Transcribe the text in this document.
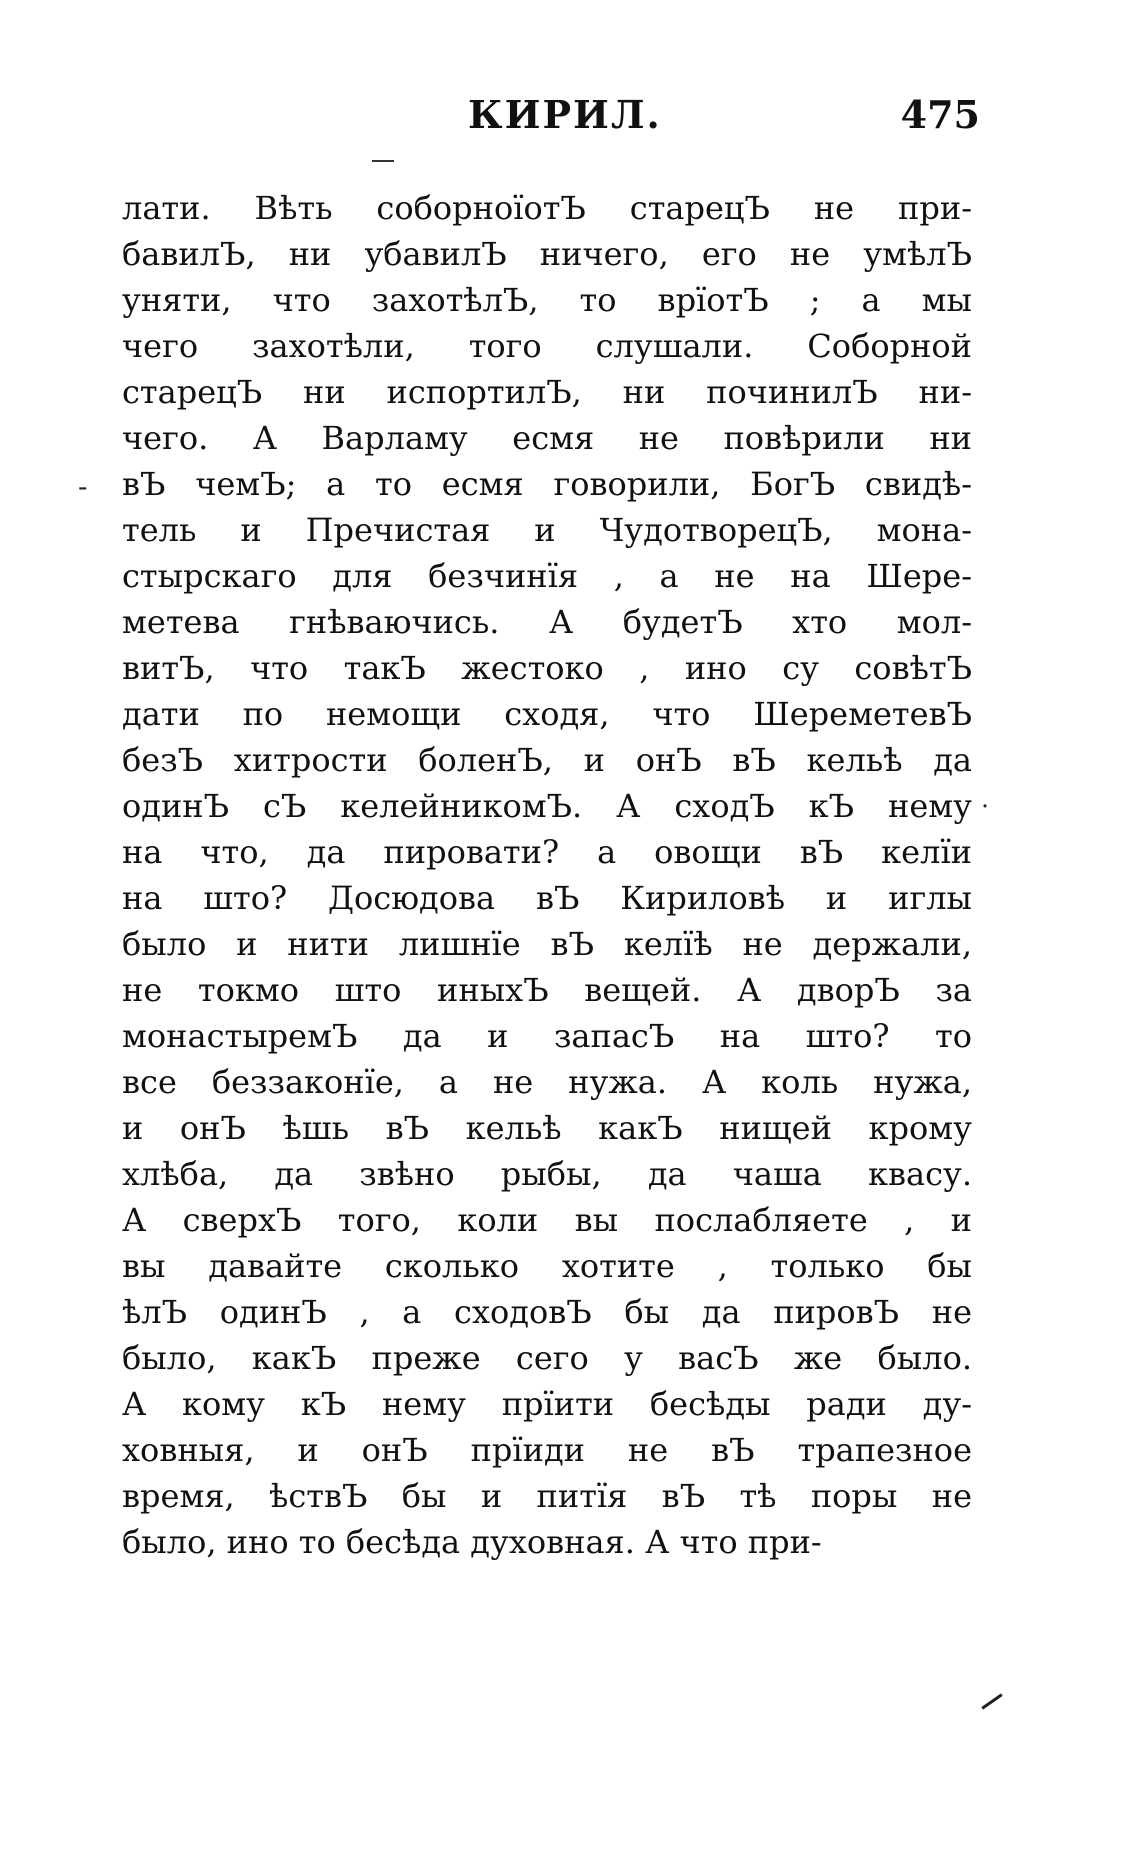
КИРИЛ.	475
лати. Вѣть соборноїотЪ старецЪ не при-
бавилЪ, ни убавилЪ ничего, его не умѣлЪ
уняти, что захотѣлЪ, то врїотЪ ; а мы
чего захотѣли, того слушали. Соборной
старецЪ ни испортилЪ, ни починилЪ ни-
чего. А Варламу есмя не повѣрили ни
вЪ чемЪ; а то есмя говорили, БогЪ свидѣ-
тель и Пречистая и ЧудотворецЪ, мона-
стырскаго для безчинїя , а не на Шере-
метева гнѣваючись. А будетЪ хто мол-
витЪ, что такЪ жестоко , ино су совѣтЪ
дати по немощи сходя, что ШереметевЪ
безЪ хитрости боленЪ, и онЪ вЪ кельѣ да
одинЪ сЪ келейникомЪ. А сходЪ кЪ нему
на что, да пировати? а овощи вЪ келїи
на што? Досюдова вЪ Кириловѣ и иглы
было и нити лишнїе вЪ келїѣ не держали,
не токмо што иныхЪ вещей. А дворЪ за
монастыремЪ да и запасЪ на што? то
все беззаконїе, а не нужа. А коль нужа,
и онЪ ѣшь вЪ кельѣ какЪ нищей крому
хлѣба, да звѣно рыбы, да чаша квасу.
А сверхЪ того, коли вы послабляете , и
вы давайте сколько хотите , только бы
ѣлЪ одинЪ , а сходовЪ бы да пировЪ не
было, какЪ преже сего у васЪ же было.
А кому кЪ нему прїити бесѣды ради ду-
ховныя, и онЪ прїиди не вЪ трапезное
время, ѣствЪ бы и питїя вЪ тѣ поры не
было, ино то бесѣда духовная. А что при-
-
˙
